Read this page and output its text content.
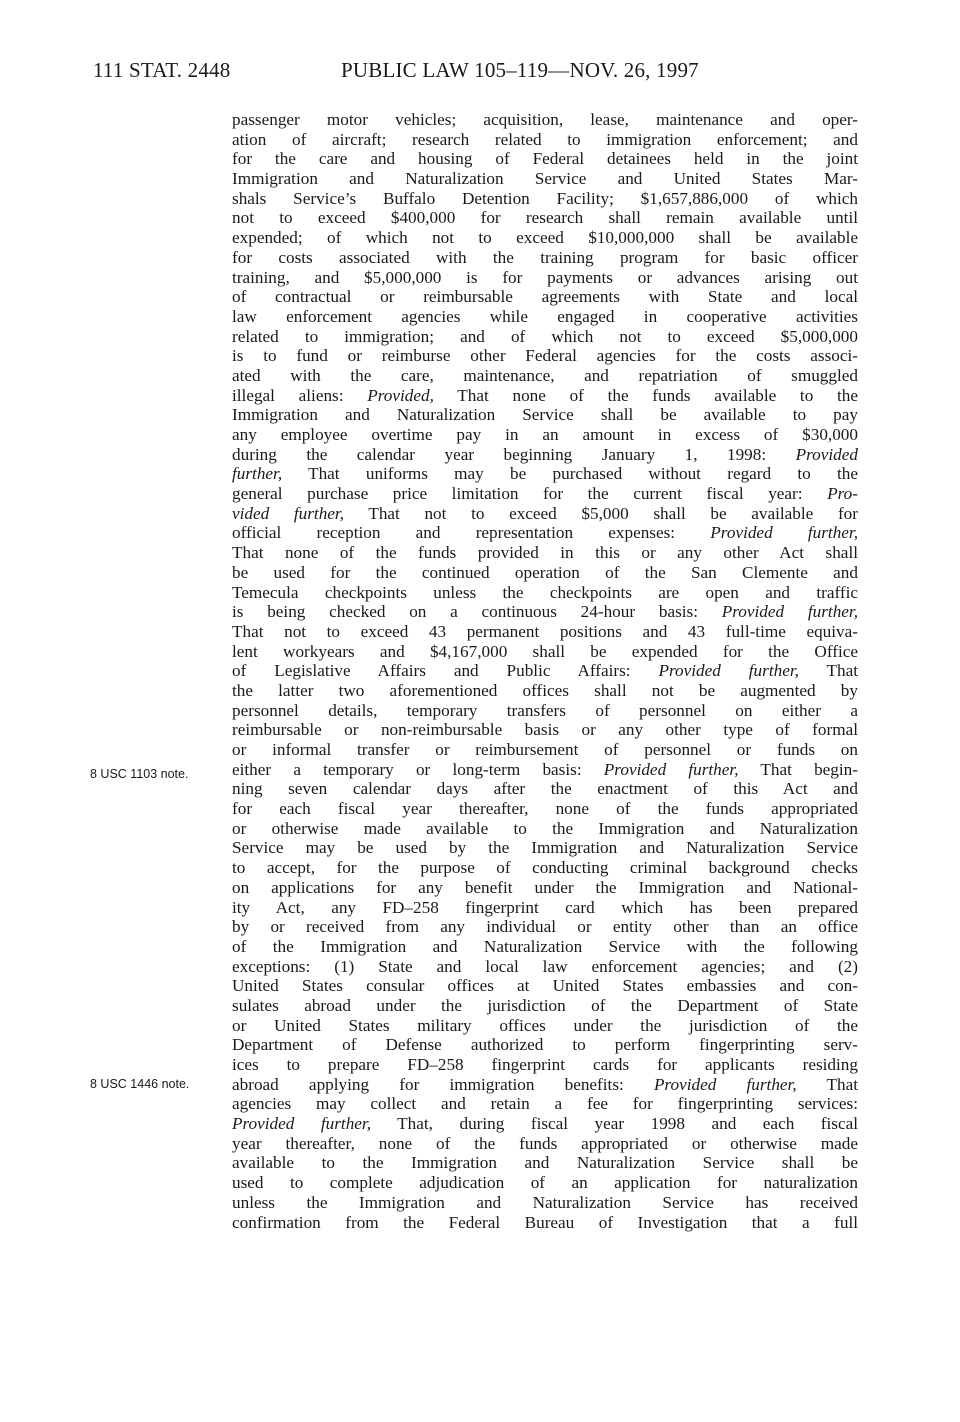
111 STAT. 2448	PUBLIC LAW 105–119—NOV. 26, 1997
8 USC 1103 note.
8 USC 1446 note.
passenger motor vehicles; acquisition, lease, maintenance and oper-
ation of aircraft; research related to immigration enforcement; and
for the care and housing of Federal detainees held in the joint
Immigration and Naturalization Service and United States Mar-
shals Service’s Buffalo Detention Facility; $1,657,886,000 of which
not to exceed $400,000 for research shall remain available until
expended; of which not to exceed $10,000,000 shall be available
for costs associated with the training program for basic officer
training, and $5,000,000 is for payments or advances arising out
of contractual or reimbursable agreements with State and local
law enforcement agencies while engaged in cooperative activities
related to immigration; and of which not to exceed $5,000,000
is to fund or reimburse other Federal agencies for the costs associ-
ated with the care, maintenance, and repatriation of smuggled
illegal aliens: Provided, That none of the funds available to the
Immigration and Naturalization Service shall be available to pay
any employee overtime pay in an amount in excess of $30,000
during the calendar year beginning January 1, 1998: Provided
further, That uniforms may be purchased without regard to the
general purchase price limitation for the current fiscal year: Pro-
vided further, That not to exceed $5,000 shall be available for
official reception and representation expenses: Provided further,
That none of the funds provided in this or any other Act shall
be used for the continued operation of the San Clemente and
Temecula checkpoints unless the checkpoints are open and traffic
is being checked on a continuous 24-hour basis: Provided further,
That not to exceed 43 permanent positions and 43 full-time equiva-
lent workyears and $4,167,000 shall be expended for the Office
of Legislative Affairs and Public Affairs: Provided further, That
the latter two aforementioned offices shall not be augmented by
personnel details, temporary transfers of personnel on either a
reimbursable or non-reimbursable basis or any other type of formal
or informal transfer or reimbursement of personnel or funds on
either a temporary or long-term basis: Provided further, That begin-
ning seven calendar days after the enactment of this Act and
for each fiscal year thereafter, none of the funds appropriated
or otherwise made available to the Immigration and Naturalization
Service may be used by the Immigration and Naturalization Service
to accept, for the purpose of conducting criminal background checks
on applications for any benefit under the Immigration and National-
ity Act, any FD–258 fingerprint card which has been prepared
by or received from any individual or entity other than an office
of the Immigration and Naturalization Service with the following
exceptions: (1) State and local law enforcement agencies; and (2)
United States consular offices at United States embassies and con-
sulates abroad under the jurisdiction of the Department of State
or United States military offices under the jurisdiction of the
Department of Defense authorized to perform fingerprinting serv-
ices to prepare FD–258 fingerprint cards for applicants residing
abroad applying for immigration benefits: Provided further, That
agencies may collect and retain a fee for fingerprinting services:
Provided further, That, during fiscal year 1998 and each fiscal
year thereafter, none of the funds appropriated or otherwise made
available to the Immigration and Naturalization Service shall be
used to complete adjudication of an application for naturalization
unless the Immigration and Naturalization Service has received
confirmation from the Federal Bureau of Investigation that a full
